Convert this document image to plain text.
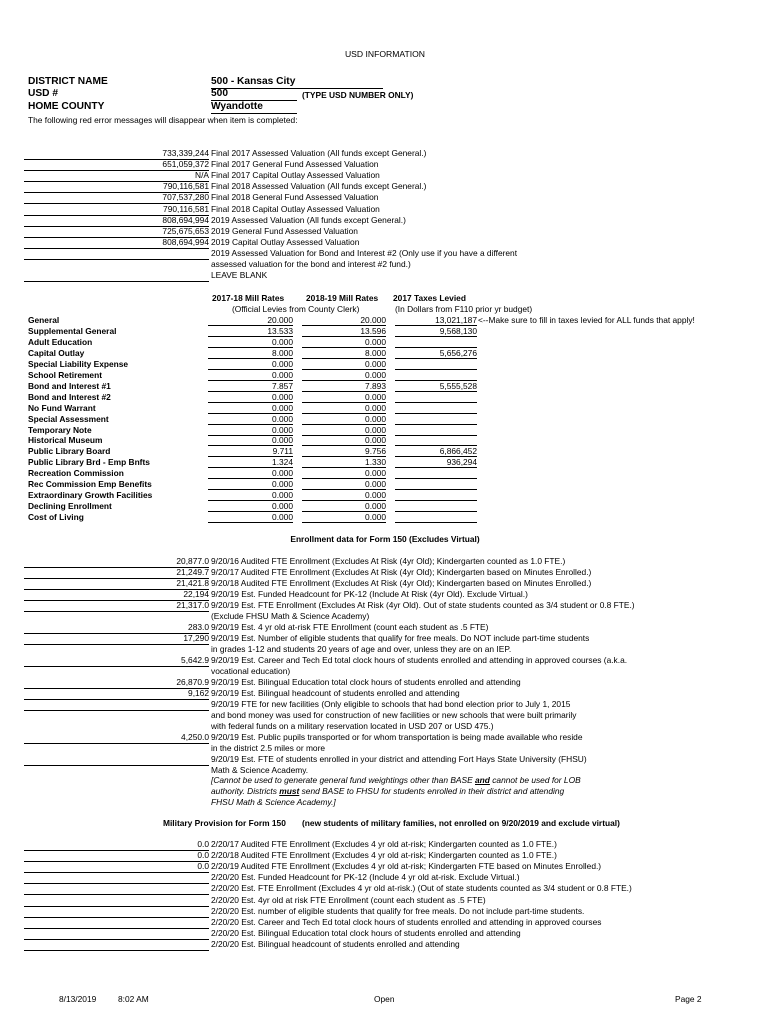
USD INFORMATION
DISTRICT NAME	500 - Kansas City
USD #	500	(TYPE USD NUMBER ONLY)
HOME COUNTY	Wyandotte
The following red error messages will disappear when item is completed:
733,339,244 Final 2017 Assessed Valuation (All funds except General.)
651,059,372 Final 2017 General Fund Assessed Valuation
N/A Final 2017 Capital Outlay Assessed Valuation
790,116,581 Final 2018 Assessed Valuation (All funds except General.)
707,537,280 Final 2018 General Fund Assessed Valuation
790,116,581 Final 2018 Capital Outlay Assessed Valuation
808,694,994 2019 Assessed Valuation (All funds except General.)
725,675,653 2019 General Fund Assessed Valuation
808,694,994 2019 Capital Outlay Assessed Valuation
2019 Assessed Valuation for Bond and Interest #2 (Only use if you have a different
assessed valuation for the bond and interest #2 fund.)
LEAVE BLANK
2017-18 Mill Rates	2018-19 Mill Rates 2017 Taxes Levied
(Official Levies from County Clerk)	(In Dollars from F110 prior yr budget)
<--Make sure to fill in taxes levied for ALL funds that apply!
General	20.000	20.000	13,021,187
Supplemental General	13.533	13.596	9,568,130
Adult Education	0.000	0.000
Capital Outlay	8.000	8.000	5,656,276
Special Liability Expense	0.000	0.000
School Retirement	0.000	0.000
Bond and Interest #1	7.857	7.893	5,555,528
Bond and Interest #2	0.000	0.000
No Fund Warrant	0.000	0.000
Special Assessment	0.000	0.000
Temporary Note	0.000	0.000
Historical Museum	0.000	0.000
Public Library Board	9.711	9.756	6,866,452
Public Library Brd - Emp Bnfts	1.324	1.330	936,294
Recreation Commission	0.000	0.000
Rec Commission Emp Benefits	0.000	0.000
Extraordinary Growth Facilities	0.000	0.000
Declining Enrollment	0.000	0.000
Cost of Living	0.000	0.000
Enrollment data for Form 150 (Excludes Virtual)
20,877.0 9/20/16 Audited FTE Enrollment (Excludes At Risk (4yr Old); Kindergarten counted as 1.0 FTE.)
21,249.7 9/20/17 Audited FTE Enrollment (Excludes At Risk (4yr Old); Kindergarten based on Minutes Enrolled.)
21,421.8 9/20/18 Audited FTE Enrollment (Excludes At Risk (4yr Old); Kindergarten based on Minutes Enrolled.)
22,194 9/20/19 Est. Funded Headcount for PK-12 (Include At Risk (4yr Old). Exclude Virtual.)
21,317.0 9/20/19 Est. FTE Enrollment (Excludes At Risk (4yr Old). Out of state students counted as 3/4 student or 0.8 FTE.)
(Exclude FHSU Math & Science Academy)
283.0 9/20/19 Est. 4 yr old at-risk FTE Enrollment (count each student as .5 FTE)
17,290 9/20/19 Est. Number of eligible students that qualify for free meals. Do NOT include part-time students
in grades 1-12 and students 20 years of age and over, unless they are on an IEP.
5,642.9 9/20/19 Est. Career and Tech Ed total clock hours of students enrolled and attending in approved courses (a.k.a.
vocational education)
26,870.9 9/20/19 Est. Bilingual Education total clock hours of students enrolled and attending
9,162 9/20/19 Est. Bilingual headcount of students enrolled and attending
9/20/19 FTE for new facilities (Only eligible to schools that had bond election prior to July 1, 2015
and bond money was used for construction of new facilities or new schools that were built primarily
with federal funds on a military reservation located in USD 207 or USD 475.)
4,250.0 9/20/19 Est. Public pupils transported or for whom transportation is being made available who reside
in the district 2.5 miles or more
9/20/19 Est. FTE of students enrolled in your district and attending Fort Hays State University (FHSU)
Math & Science Academy.
[Cannot be used to generate general fund weightings other than BASE and cannot be used for LOB
authority. Districts must send BASE to FHSU for students enrolled in their district and attending
FHSU Math & Science Academy.]
Military Provision for Form 150 (new students of military families, not enrolled on 9/20/2019 and exclude virtual)
0.0 2/20/17 Audited FTE Enrollment (Excludes 4 yr old at-risk; Kindergarten counted as 1.0 FTE.)
0.0 2/20/18 Audited FTE Enrollment (Excludes 4 yr old at-risk; Kindergarten counted as 1.0 FTE.)
0.0 2/20/19 Audited FTE Enrollment (Excludes 4 yr old at-risk; Kindergarten FTE based on Minutes Enrolled.)
2/20/20 Est. Funded Headcount for PK-12 (Include 4 yr old at-risk. Exclude Virtual.)
2/20/20 Est. FTE Enrollment (Excludes 4 yr old at-risk.) (Out of state students counted as 3/4 student or 0.8 FTE.)
2/20/20 Est. 4yr old at risk FTE Enrollment (count each student as .5 FTE)
2/20/20 Est. number of eligible students that qualify for free meals. Do not include part-time students.
2/20/20 Est. Career and Tech Ed total clock hours of students enrolled and attending in approved courses
2/20/20 Est. Bilingual Education total clock hours of students enrolled and attending
2/20/20 Est. Bilingual headcount of students enrolled and attending
8/13/2019	8:02 AM	Open	Page 2
